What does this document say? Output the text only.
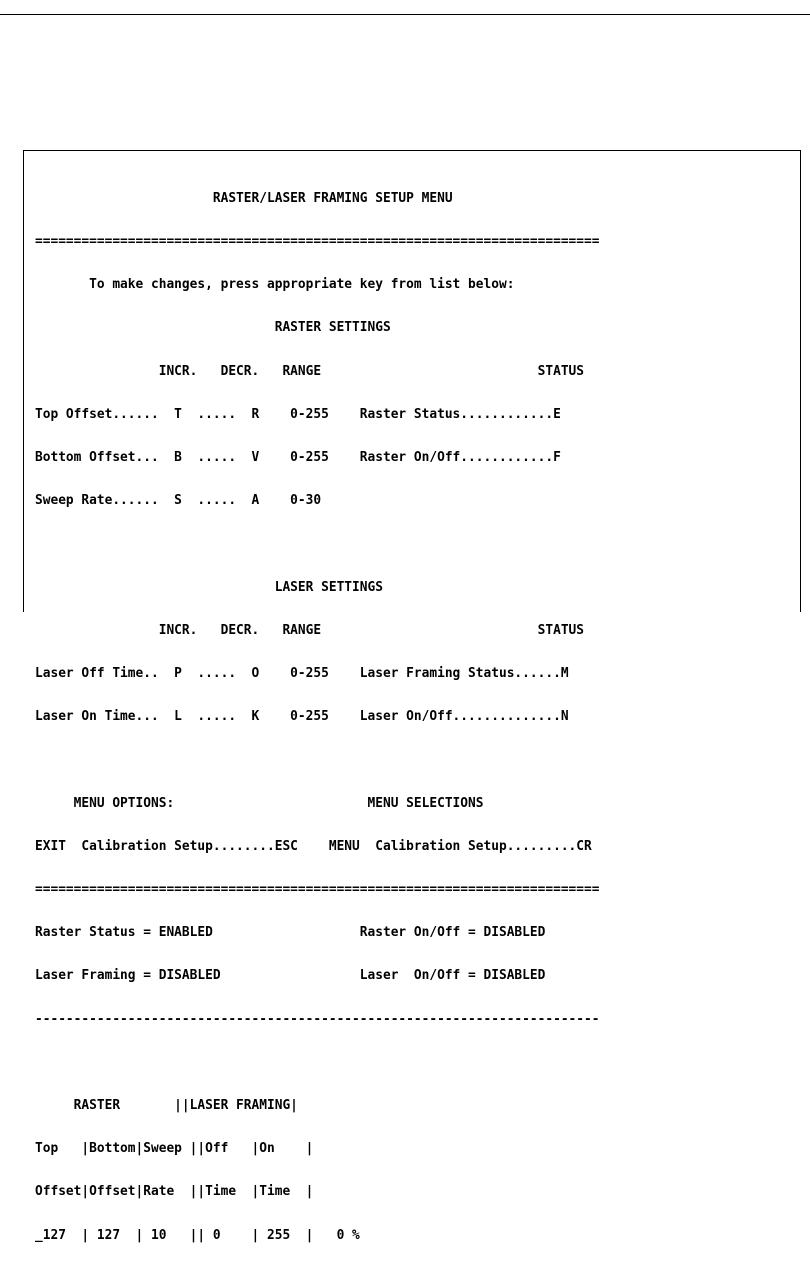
RASTER/LASER FRAMING SETUP MENU

=========================================================================

To make changes, press appropriate key from list below:

RASTER SETTINGS

INCR.   DECR.   RANGE                            STATUS

Top Offset......  T  .....  R    0-255    Raster Status............E

Bottom Offset...  B  .....  V    0-255    Raster On/Off............F

Sweep Rate......  S  .....  A    0-30

LASER SETTINGS

INCR.   DECR.   RANGE                            STATUS

Laser Off Time..  P  .....  O    0-255    Laser Framing Status......M

Laser On Time...  L  .....  K    0-255    Laser On/Off..............N

MENU OPTIONS:                         MENU SELECTIONS

EXIT  Calibration Setup........ESC    MENU  Calibration Setup.........CR

=========================================================================

Raster Status = ENABLED                   Raster On/Off = DISABLED

Laser Framing = DISABLED                  Laser  On/Off = DISABLED

-------------------------------------------------------------------------

RASTER       ||LASER FRAMING|

Top   |Bottom|Sweep ||Off   |On    |

Offset|Offset|Rate  ||Time  |Time  |

_127  | 127  | 10   || 0    | 255  |   0 %
